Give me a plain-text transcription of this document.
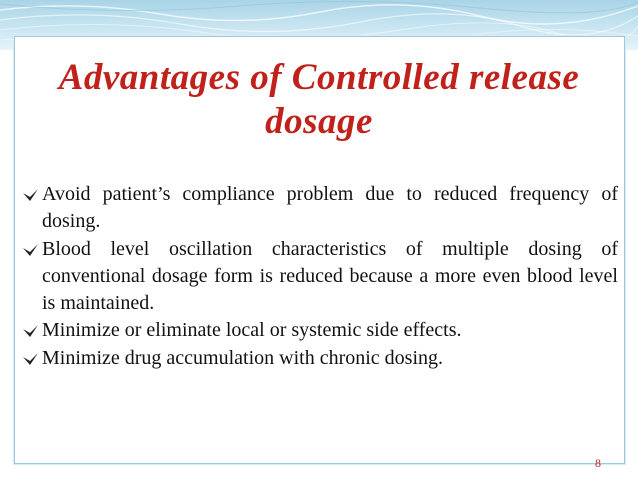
Advantages of Controlled release
dosage
Avoid patient’s compliance problem due to reduced frequency of dosing.
Blood level oscillation characteristics of multiple dosing of conventional dosage form is reduced because a more even blood level is maintained.
Minimize or eliminate local or systemic side effects.
Minimize drug accumulation with chronic dosing.
8
